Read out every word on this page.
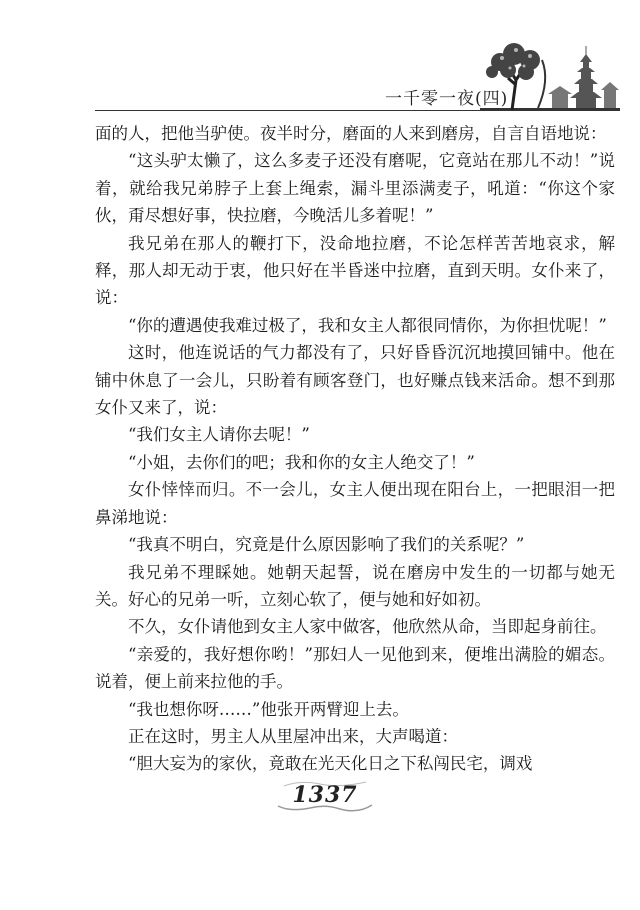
一千零一夜(四)

面的人，把他当驴使。夜半时分，磨面的人来到磨房，自言自语地说：

“这头驴太懒了，这么多麦子还没有磨呢，它竟站在那儿不动！”说着，就给我兄弟脖子上套上绳索，漏斗里添满麦子，吼道：“你这个家伙，甭尽想好事，快拉磨，今晚活儿多着呢！”

我兄弟在那人的鞭打下，没命地拉磨，不论怎样苦苦地哀求，解释，那人却无动于衷，他只好在半昏迷中拉磨，直到天明。女仆来了，说：

“你的遭遇使我难过极了，我和女主人都很同情你，为你担忧呢！”

这时，他连说话的气力都没有了，只好昏昏沉沉地摸回铺中。他在铺中休息了一会儿，只盼着有顾客登门，也好赚点钱来活命。想不到那女仆又来了，说：

“我们女主人请你去呢！”

“小姐，去你们的吧；我和你的女主人绝交了！”

女仆悻悻而归。不一会儿，女主人便出现在阳台上，一把眼泪一把鼻涕地说：

“我真不明白，究竟是什么原因影响了我们的关系呢？”

我兄弟不理睬她。她朝天起誓，说在磨房中发生的一切都与她无关。好心的兄弟一听，立刻心软了，便与她和好如初。

不久，女仆请他到女主人家中做客，他欣然从命，当即起身前往。

“亲爱的，我好想你哟！”那妇人一见他到来，便堆出满脸的媚态。说着，便上前来拉他的手。

“我也想你呀……”他张开两臂迎上去。

正在这时，男主人从里屋冲出来，大声喝道：

“胆大妄为的家伙，竟敢在光天化日之下私闯民宅，调戏

1337
